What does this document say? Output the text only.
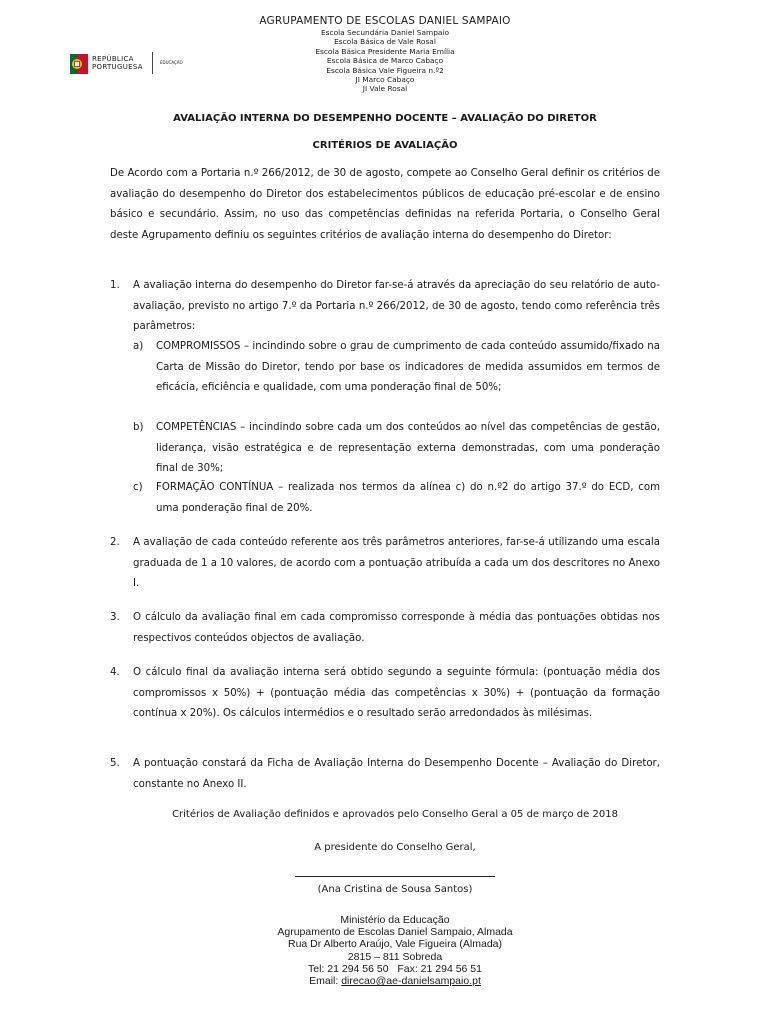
REPÚBLICA
PORTUGUESA
EDUCAÇÃO
AGRUPAMENTO DE ESCOLAS DANIEL SAMPAIO
Escola Secundária Daniel Sampaio
Escola Básica de Vale Rosal
Escola Básica Presidente Maria Emília
Escola Básica de Marco Cabaço
Escola Básica Vale Figueira n.º2
JI Marco Cabaço
JI Vale Rosal
AVALIAÇÃO INTERNA DO DESEMPENHO DOCENTE – AVALIAÇÃO DO DIRETOR
CRITÉRIOS DE AVALIAÇÃO
De Acordo com a Portaria n.º 266/2012, de 30 de agosto, compete ao Conselho Geral definir os critérios de avaliação do desempenho do Diretor dos estabelecimentos públicos de educação pré-escolar e de ensino básico e secundário. Assim, no uso das competências definidas na referida Portaria, o Conselho Geral deste Agrupamento definiu os seguintes critérios de avaliação interna do desempenho do Diretor:
1. A avaliação interna do desempenho do Diretor far-se-á através da apreciação do seu relatório de auto-avaliação, previsto no artigo 7.º da Portaria n.º 266/2012, de 30 de agosto, tendo como referência três parâmetros:
a) COMPROMISSOS – incindindo sobre o grau de cumprimento de cada conteúdo assumido/fixado na Carta de Missão do Diretor, tendo por base os indicadores de medida assumidos em termos de eficácia, eficiência e qualidade, com uma ponderação final de 50%;
b) COMPETÊNCIAS – incindindo sobre cada um dos conteúdos ao nível das competências de gestão, liderança, visão estratégica e de representação externa demonstradas, com uma ponderação final de 30%;
c) FORMAÇÃO CONTÍNUA – realizada nos termos da alínea c) do n.º2 do artigo 37.º do ECD, com uma ponderação final de 20%.
2. A avaliação de cada conteúdo referente aos três parâmetros anteriores, far-se-á utilizando uma escala graduada de 1 a 10 valores, de acordo com a pontuação atribuída a cada um dos descritores no Anexo I.
3. O cálculo da avaliação final em cada compromisso corresponde à média das pontuações obtidas nos respectivos conteúdos objectos de avaliação.
4. O cálculo final da avaliação interna será obtido segundo a seguinte fórmula: (pontuação média dos compromissos x 50%) + (pontuação média das competências x 30%) + (pontuação da formação contínua x 20%). Os cálculos intermédios e o resultado serão arredondados às milésimas.
5. A pontuação constará da Ficha de Avaliação Interna do Desempenho Docente – Avaliação do Diretor, constante no Anexo II.
Critérios de Avaliação definidos e aprovados pelo Conselho Geral a 05 de março de 2018
A presidente do Conselho Geral,
(Ana Cristina de Sousa Santos)
Ministério da Educação
Agrupamento de Escolas Daniel Sampaio, Almada
Rua Dr Alberto Araújo, Vale Figueira (Almada)
2815 – 811 Sobreda
Tel: 21 294 56 50   Fax: 21 294 56 51
Email: direcao@ae-danielsampaio.pt
